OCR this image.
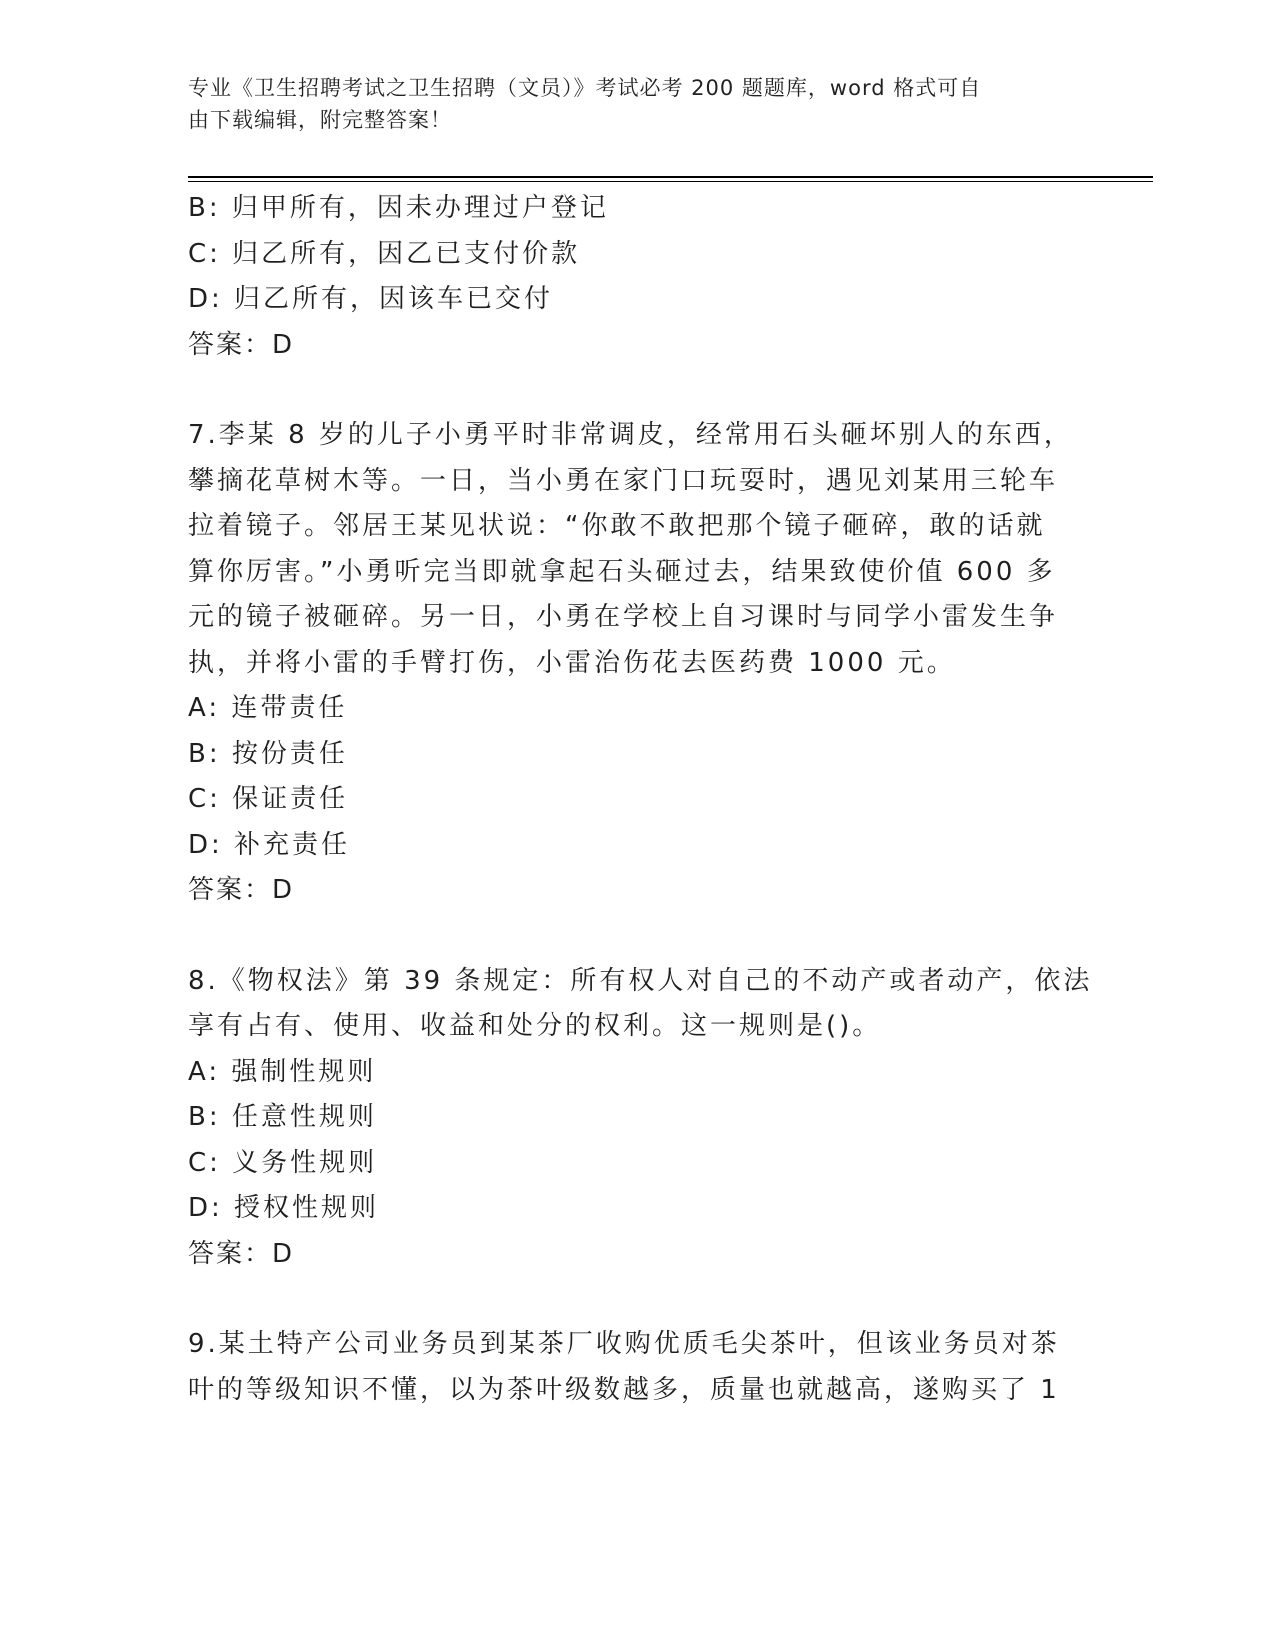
专业《卫生招聘考试之卫生招聘（文员）》考试必考 200 题题库，word 格式可自
由下载编辑，附完整答案！
B: 归甲所有，因未办理过户登记
C: 归乙所有，因乙已支付价款
D: 归乙所有，因该车已交付
答案：D
7.李某 8 岁的儿子小勇平时非常调皮，经常用石头砸坏别人的东西，
攀摘花草树木等。一日，当小勇在家门口玩耍时，遇见刘某用三轮车
拉着镜子。邻居王某见状说：“你敢不敢把那个镜子砸碎，敢的话就
算你厉害。”小勇听完当即就拿起石头砸过去，结果致使价值 600 多
元的镜子被砸碎。另一日，小勇在学校上自习课时与同学小雷发生争
执，并将小雷的手臂打伤，小雷治伤花去医药费 1000 元。
A: 连带责任
B: 按份责任
C: 保证责任
D: 补充责任
答案：D
8.《物权法》第 39 条规定：所有权人对自己的不动产或者动产，依法
享有占有、使用、收益和处分的权利。这一规则是()。
A: 强制性规则
B: 任意性规则
C: 义务性规则
D: 授权性规则
答案：D
9.某土特产公司业务员到某茶厂收购优质毛尖茶叶，但该业务员对茶
叶的等级知识不懂，以为茶叶级数越多，质量也就越高，遂购买了 1
